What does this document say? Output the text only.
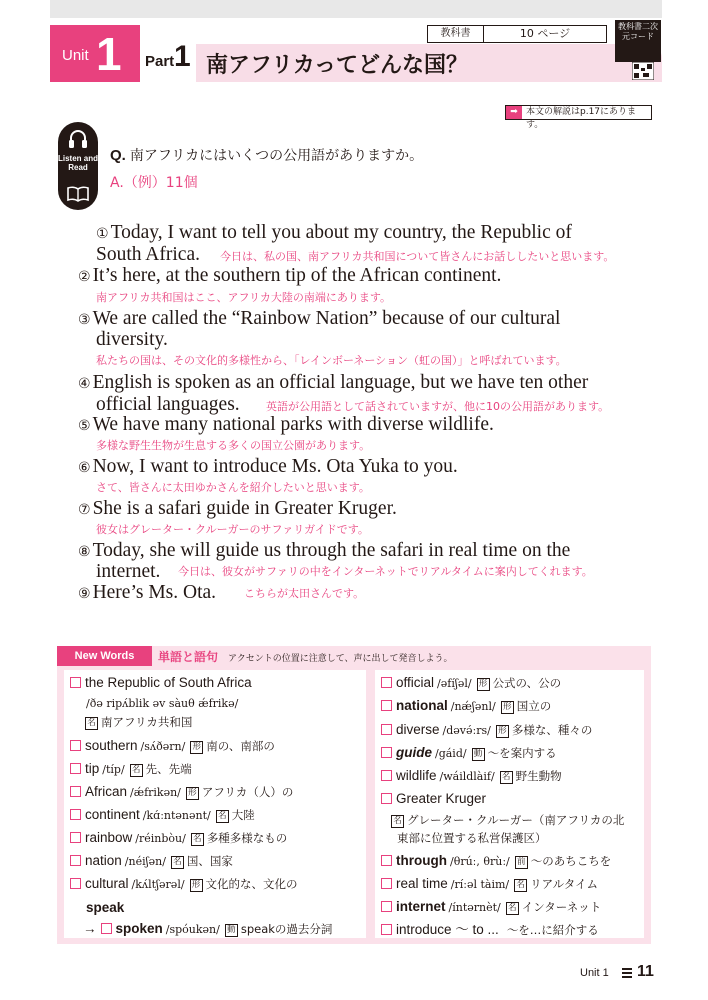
Unit 1 Part 1 南アフリカってどんな国？
教科書	10 ページ
教科書二次元コード
➡ 本文の解説はp.17にあります。
Listen and Read
Q. 南アフリカにはいくつの公用語がありますか。
A.（例）11個
① Today, I want to tell you about my country, the Republic of
South Africa. 今日は、私の国、南アフリカ共和国について皆さんにお話ししたいと思います。
② It’s here, at the southern tip of the African continent.
南アフリカ共和国はここ、アフリカ大陸の南端にあります。
③ We are called the “Rainbow Nation” because of our cultural
diversity.
私たちの国は、その文化的多様性から、「レインボーネーション（虹の国）」と呼ばれています。
④ English is spoken as an official language, but we have ten other
official languages. 英語が公用語として話されていますが、他に10の公用語があります。
⑤ We have many national parks with diverse wildlife.
多様な野生生物が生息する多くの国立公園があります。
⑥ Now, I want to introduce Ms. Ota Yuka to you.
さて、皆さんに太田ゆかさんを紹介したいと思います。
⑦ She is a safari guide in Greater Kruger.
彼女はグレーター・クルーガーのサファリガイドです。
⑧ Today, she will guide us through the safari in real time on the
internet. 今日は、彼女がサファリの中をインターネットでリアルタイムに案内してくれます。
⑨ Here’s Ms. Ota.	こちらが太田さんです。
New Words	単語と語句 アクセントの位置に注意して、声に出して発音しよう。
the Republic of South Africa
/ðə ripʌ́blik əv sàuθ ǽfrikə/
名 南アフリカ共和国
southern /sʌ́ðərn/ 形 南の、南部の
tip /típ/ 名 先、先端
African /ǽfrikən/ 形 アフリカ（人）の
continent /kɑ́ːntənənt/ 名 大陸
rainbow /réinbòu/ 名 多種多様なもの
nation /néiʃən/ 名 国、国家
cultural /kʌ́ltʃərəl/ 形 文化的な、文化の
speak
→ spoken /spóukən/ 動 speakの過去分詞
official /əfíʃəl/ 形 公式の、公の
national /nǽʃənl/ 形 国立の
diverse /dəvə́ːrs/ 形 多様な、種々の
guide /gáid/ 動 ～を案内する
wildlife /wáildlàif/ 名 野生動物
Greater Kruger
名 グレーター・クルーガー（南アフリカの北
東部に位置する私営保護区）
through /θrúː, θrùː/ 前 ～のあちこちを
real time /ríːəl tàim/ 名 リアルタイム
internet /íntərnèt/ 名 インターネット
introduce ～ to ... ～を…に紹介する
Unit 1 11
